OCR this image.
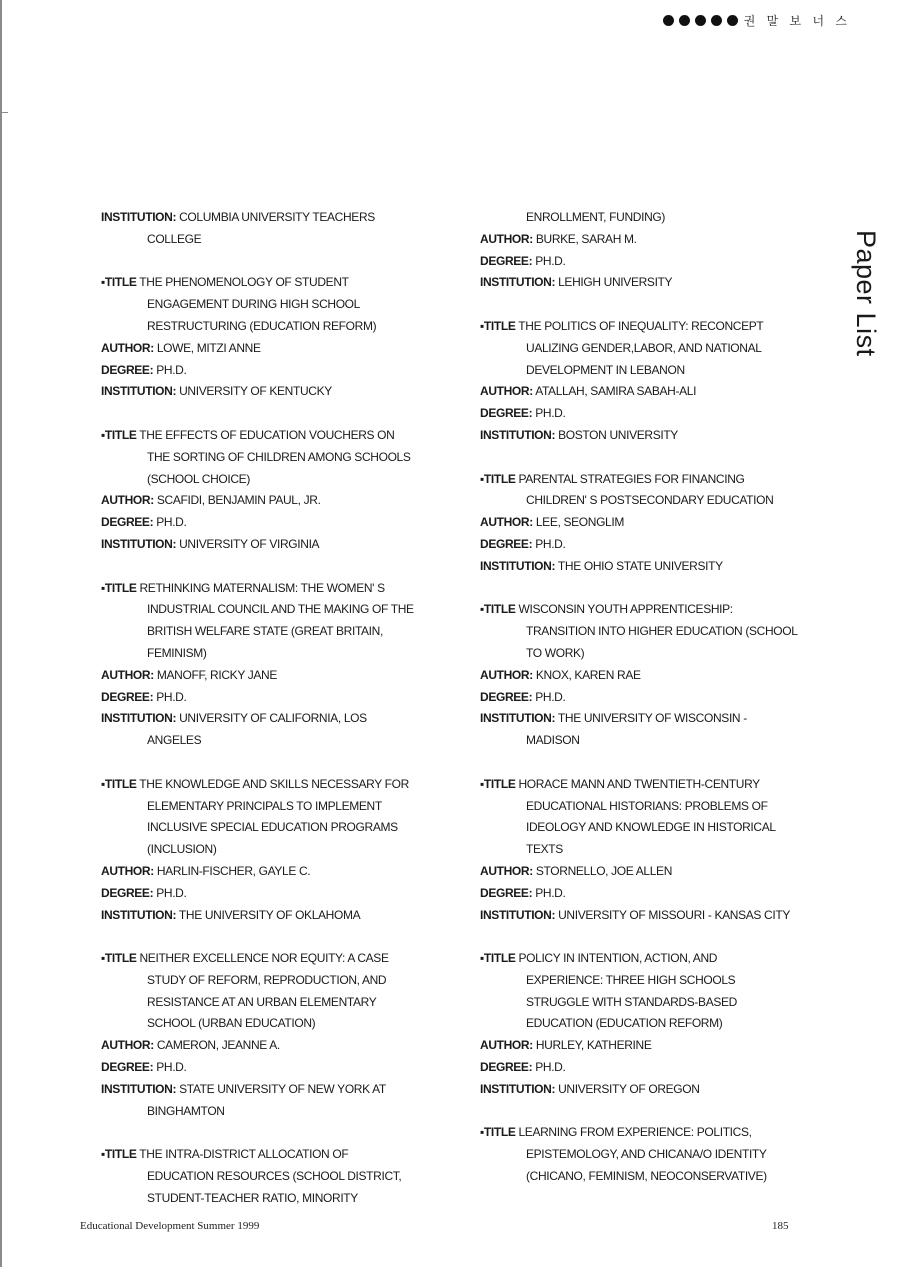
권 말 보 너 스
Paper List
INSTITUTION: COLUMBIA UNIVERSITY TEACHERS
COLLEGE
▪TITLE THE PHENOMENOLOGY OF STUDENT
ENGAGEMENT DURING HIGH SCHOOL
RESTRUCTURING (EDUCATION REFORM)
AUTHOR: LOWE, MITZI ANNE
DEGREE: PH.D.
INSTITUTION: UNIVERSITY OF KENTUCKY
▪TITLE THE EFFECTS OF EDUCATION VOUCHERS ON
THE SORTING OF CHILDREN AMONG SCHOOLS
(SCHOOL CHOICE)
AUTHOR: SCAFIDI, BENJAMIN PAUL, JR.
DEGREE: PH.D.
INSTITUTION: UNIVERSITY OF VIRGINIA
▪TITLE RETHINKING MATERNALISM: THE WOMEN' S
INDUSTRIAL COUNCIL AND THE MAKING OF THE
BRITISH WELFARE STATE (GREAT BRITAIN,
FEMINISM)
AUTHOR: MANOFF, RICKY JANE
DEGREE: PH.D.
INSTITUTION: UNIVERSITY OF CALIFORNIA, LOS
ANGELES
▪TITLE THE KNOWLEDGE AND SKILLS NECESSARY FOR
ELEMENTARY PRINCIPALS TO IMPLEMENT
INCLUSIVE SPECIAL EDUCATION PROGRAMS
(INCLUSION)
AUTHOR: HARLIN-FISCHER, GAYLE C.
DEGREE: PH.D.
INSTITUTION: THE UNIVERSITY OF OKLAHOMA
▪TITLE NEITHER EXCELLENCE NOR EQUITY: A CASE
STUDY OF REFORM, REPRODUCTION, AND
RESISTANCE AT AN URBAN ELEMENTARY
SCHOOL (URBAN EDUCATION)
AUTHOR: CAMERON, JEANNE A.
DEGREE: PH.D.
INSTITUTION: STATE UNIVERSITY OF NEW YORK AT
BINGHAMTON
▪TITLE THE INTRA-DISTRICT ALLOCATION OF
EDUCATION RESOURCES (SCHOOL DISTRICT,
STUDENT-TEACHER RATIO, MINORITY
ENROLLMENT, FUNDING)
AUTHOR: BURKE, SARAH M.
DEGREE: PH.D.
INSTITUTION: LEHIGH UNIVERSITY
▪TITLE THE POLITICS OF INEQUALITY: RECONCEPT
UALIZING GENDER,LABOR, AND NATIONAL
DEVELOPMENT IN LEBANON
AUTHOR: ATALLAH, SAMIRA SABAH-ALI
DEGREE: PH.D.
INSTITUTION: BOSTON UNIVERSITY
▪TITLE PARENTAL STRATEGIES FOR FINANCING
CHILDREN' S POSTSECONDARY EDUCATION
AUTHOR: LEE, SEONGLIM
DEGREE: PH.D.
INSTITUTION: THE OHIO STATE UNIVERSITY
▪TITLE WISCONSIN YOUTH APPRENTICESHIP:
TRANSITION INTO HIGHER EDUCATION (SCHOOL
TO WORK)
AUTHOR: KNOX, KAREN RAE
DEGREE: PH.D.
INSTITUTION: THE UNIVERSITY OF WISCONSIN -
MADISON
▪TITLE HORACE MANN AND TWENTIETH-CENTURY
EDUCATIONAL HISTORIANS: PROBLEMS OF
IDEOLOGY AND KNOWLEDGE IN HISTORICAL
TEXTS
AUTHOR: STORNELLO, JOE ALLEN
DEGREE: PH.D.
INSTITUTION: UNIVERSITY OF MISSOURI - KANSAS CITY
▪TITLE POLICY IN INTENTION, ACTION, AND
EXPERIENCE: THREE HIGH SCHOOLS
STRUGGLE WITH STANDARDS-BASED
EDUCATION (EDUCATION REFORM)
AUTHOR: HURLEY, KATHERINE
DEGREE: PH.D.
INSTITUTION: UNIVERSITY OF OREGON
▪TITLE LEARNING FROM EXPERIENCE: POLITICS,
EPISTEMOLOGY, AND CHICANA/O IDENTITY
(CHICANO, FEMINISM, NEOCONSERVATIVE)
Educational Development Summer 1999	185
